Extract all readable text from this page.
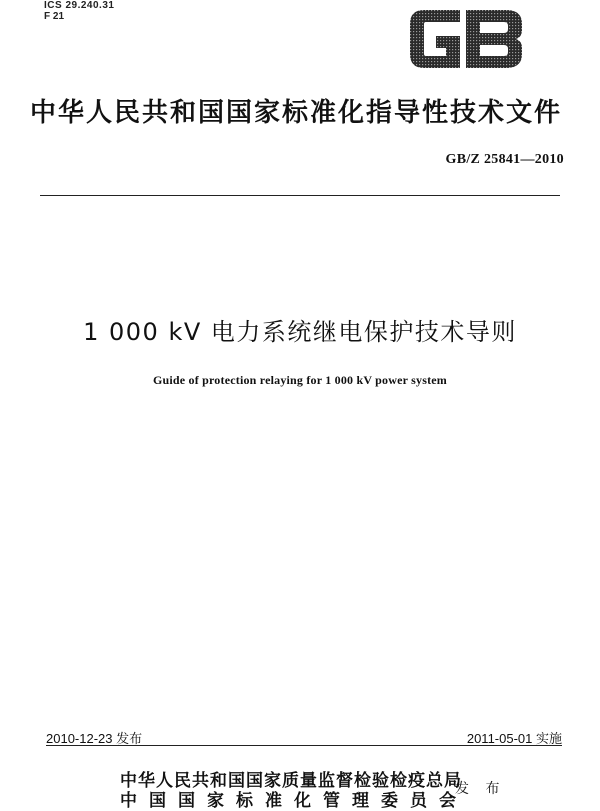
ICS 29.240.31
F 21
中华人民共和国国家标准化指导性技术文件
GB/Z 25841—2010
1 000 kV 电力系统继电保护技术导则
Guide of protection relaying for 1 000 kV power system
2010-12-23 发布	2011-05-01 实施
中华人民共和国国家质量监督检验检疫总局
中国国家标准化管理委员会
发 布
